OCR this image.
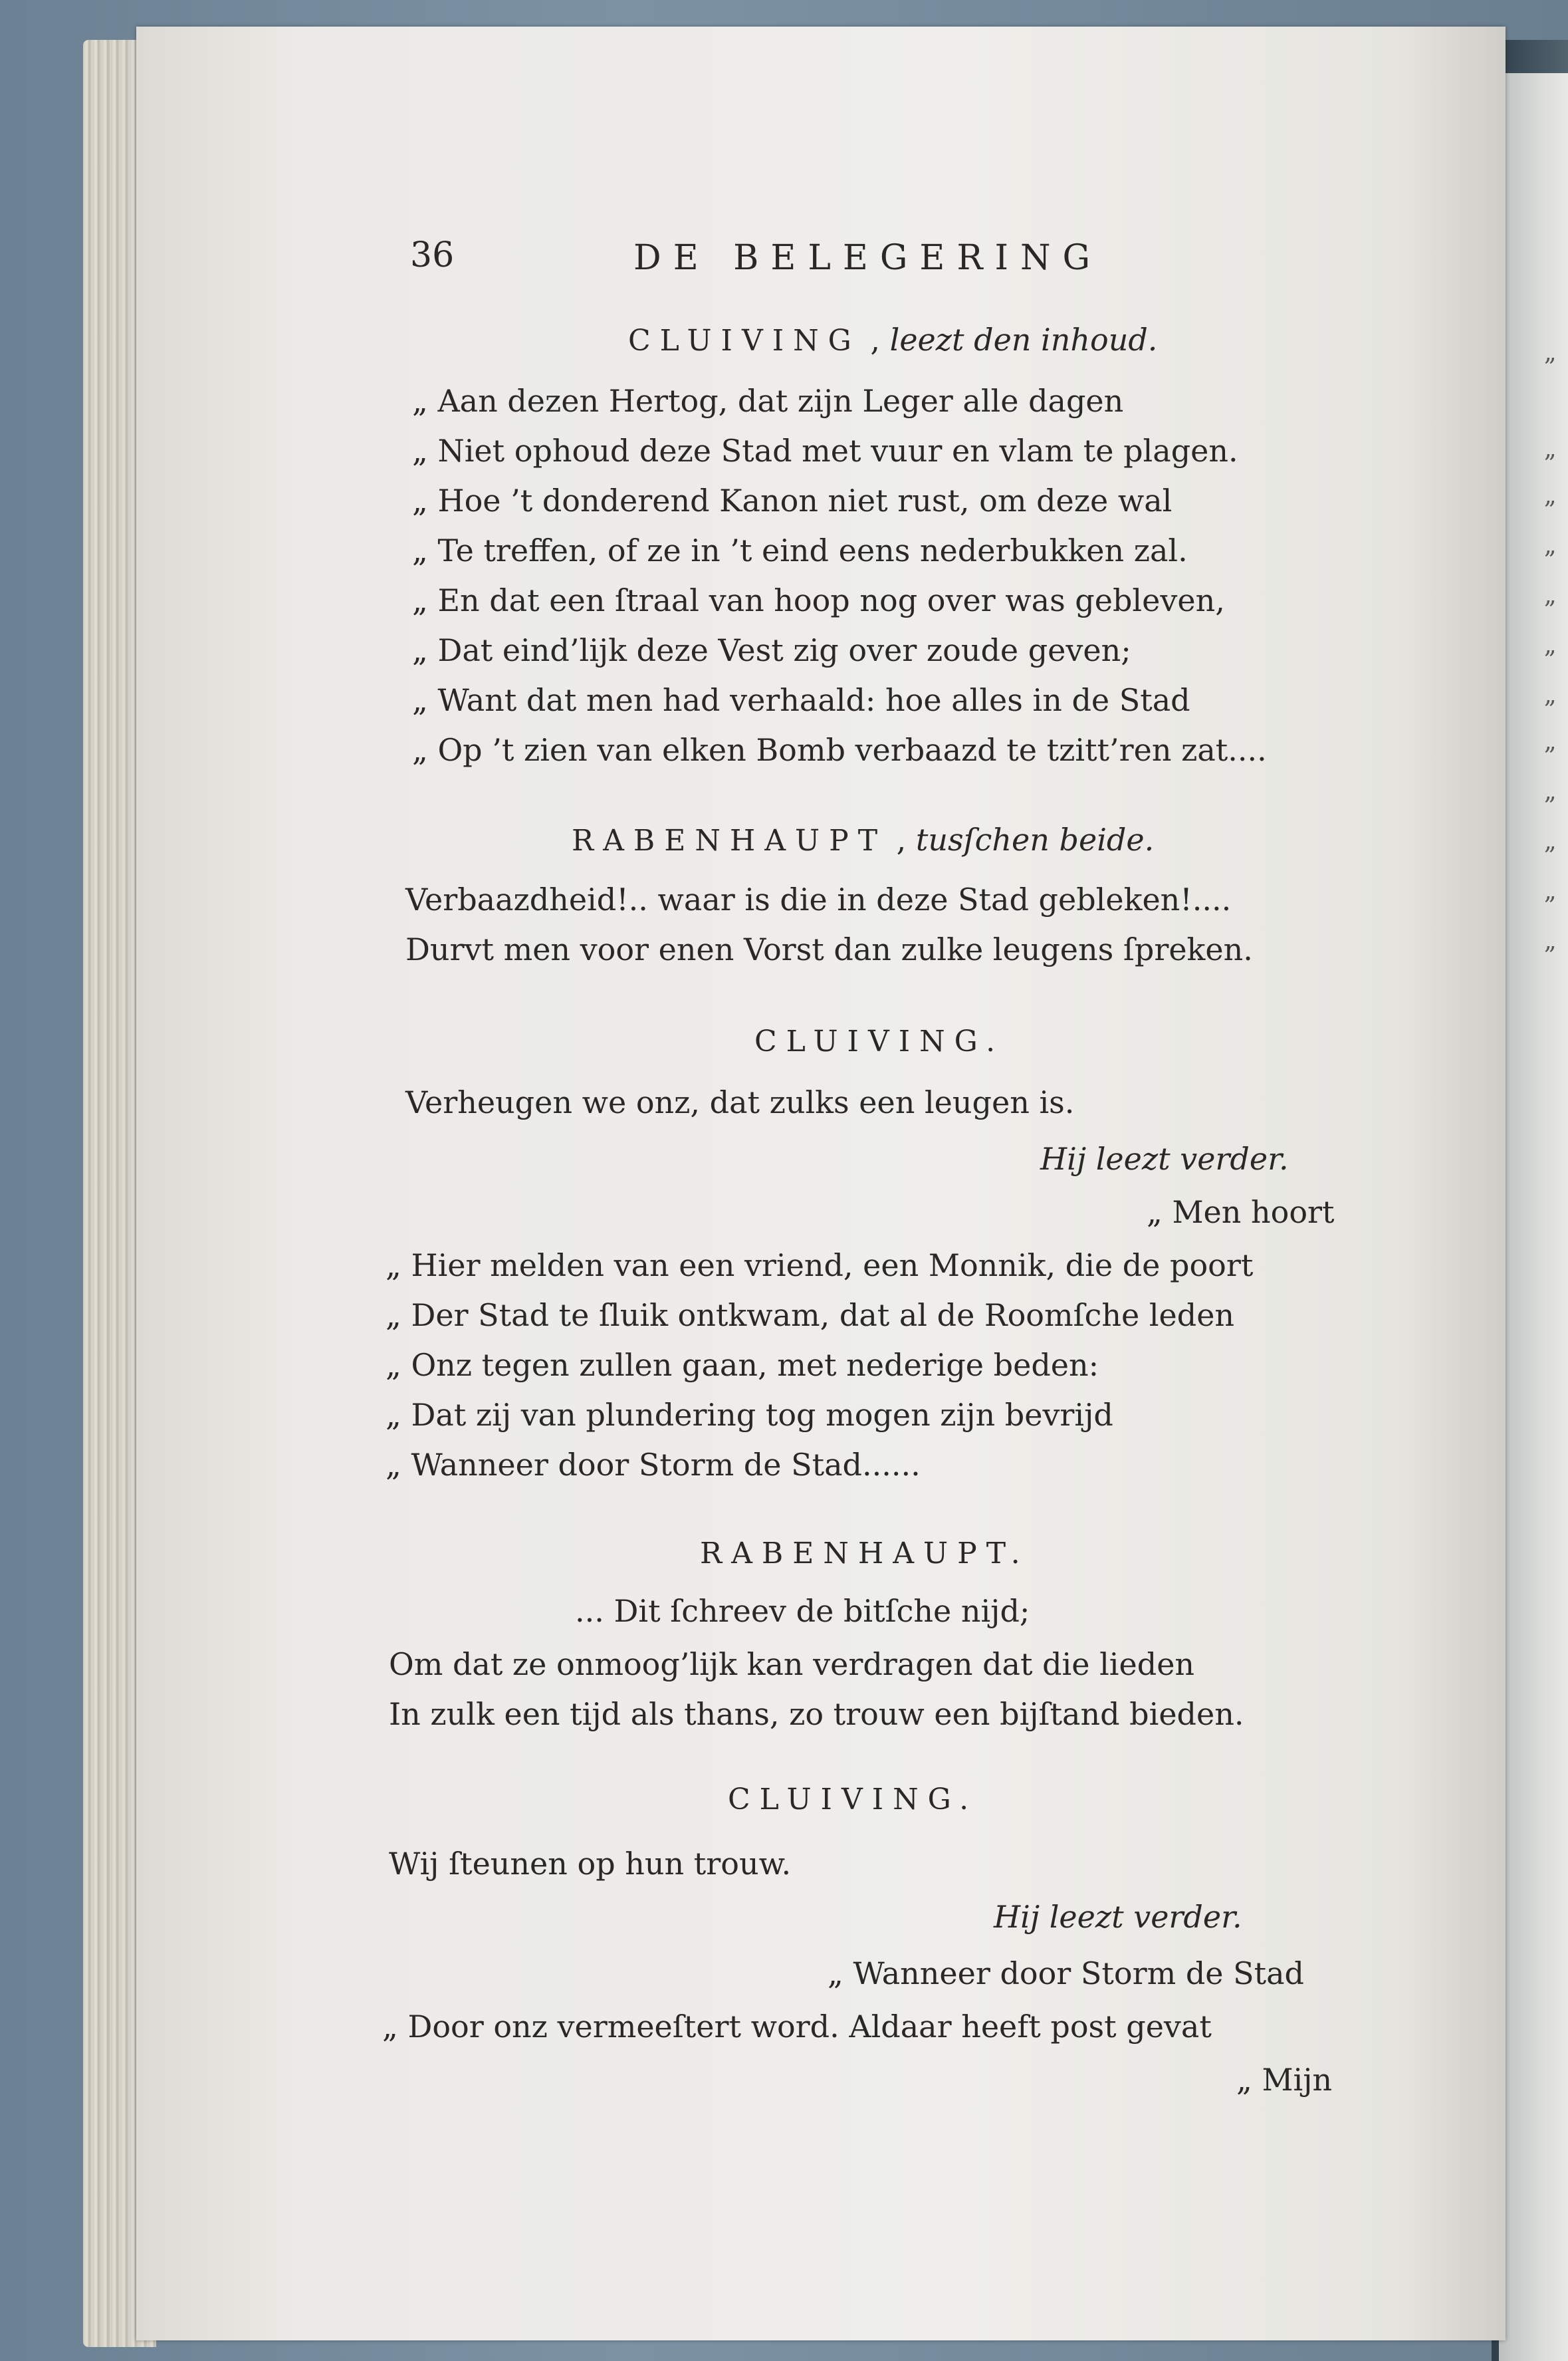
„
„
„
„
„
„
„
„
„
„
„
„
36	DE BELEGERING
CLUIVING , leezt den inhoud.
„ Aan dezen Hertog, dat zijn Leger alle dagen
„ Niet ophoud deze Stad met vuur en vlam te plagen.
„ Hoe ’t donderend Kanon niet rust, om deze wal
„ Te treffen, of ze in ’t eind eens nederbukken zal.
„ En dat een ſtraal van hoop nog over was gebleven,
„ Dat eind’lijk deze Vest zig over zoude geven;
„ Want dat men had verhaald: hoe alles in de Stad
„ Op ’t zien van elken Bomb verbaazd te tzitt’ren zat....
RABENHAUPT , tusſchen beide.
Verbaazdheid!.. waar is die in deze Stad gebleken!....
Durvt men voor enen Vorst dan zulke leugens ſpreken.
CLUIVING.
Verheugen we onz, dat zulks een leugen is.
Hij leezt verder.
„ Men hoort
„ Hier melden van een vriend, een Monnik, die de poort
„ Der Stad te ſluik ontkwam, dat al de Roomſche leden
„ Onz tegen zullen gaan, met nederige beden:
„ Dat zij van plundering tog mogen zijn bevrijd
„ Wanneer door Storm de Stad......
RABENHAUPT.
... Dit ſchreev de bitſche nijd;
Om dat ze onmoog’lijk kan verdragen dat die lieden
In zulk een tijd als thans, zo trouw een bijſtand bieden.
CLUIVING.
Wij ſteunen op hun trouw.
Hij leezt verder.
„ Wanneer door Storm de Stad
„ Door onz vermeeſtert word. Aldaar heeft post gevat
„ Mijn
